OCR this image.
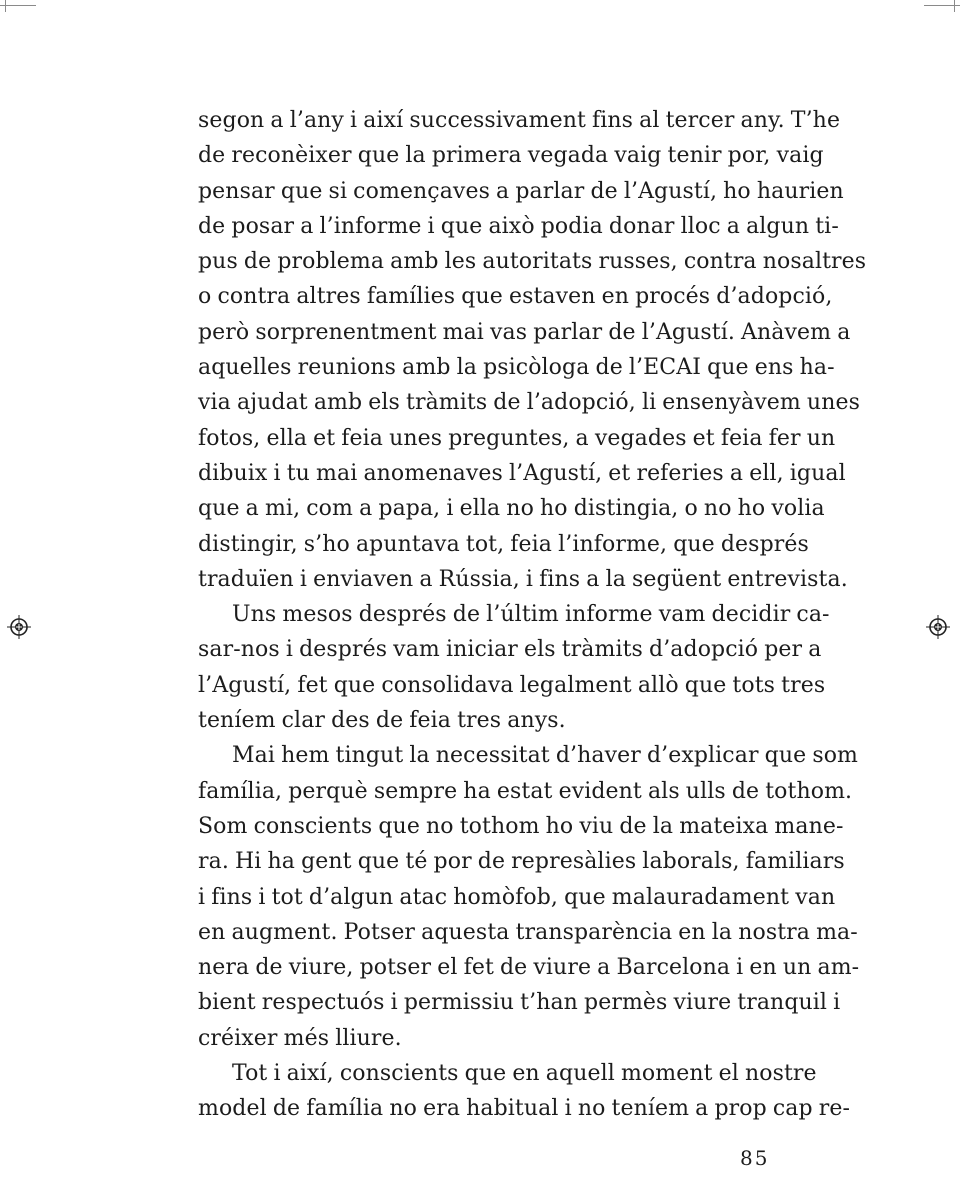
segon a l’any i així successivament fins al tercer any. T’he
de reconèixer que la primera vegada vaig tenir por, vaig
pensar que si començaves a parlar de l’Agustí, ho haurien
de posar a l’informe i que això podia donar lloc a algun ti-
pus de problema amb les autoritats russes, contra nosaltres
o contra altres famílies que estaven en procés d’adopció,
però sorprenentment mai vas parlar de l’Agustí. Anàvem a
aquelles reunions amb la psicòloga de l’ECAI que ens ha-
via ajudat amb els tràmits de l’adopció, li ensenyàvem unes
fotos, ella et feia unes preguntes, a vegades et feia fer un
dibuix i tu mai anomenaves l’Agustí, et referies a ell, igual
que a mi, com a papa, i ella no ho distingia, o no ho volia
distingir, s’ho apuntava tot, feia l’informe, que després
traduïen i enviaven a Rússia, i fins a la següent entrevista.
Uns mesos després de l’últim informe vam decidir ca-
sar-nos i després vam iniciar els tràmits d’adopció per a
l’Agustí, fet que consolidava legalment allò que tots tres
teníem clar des de feia tres anys.
Mai hem tingut la necessitat d’haver d’explicar que som
família, perquè sempre ha estat evident als ulls de tothom.
Som conscients que no tothom ho viu de la mateixa mane-
ra. Hi ha gent que té por de represàlies laborals, familiars
i fins i tot d’algun atac homòfob, que malauradament van
en augment. Potser aquesta transparència en la nostra ma-
nera de viure, potser el fet de viure a Barcelona i en un am-
bient respectuós i permissiu t’han permès viure tranquil i
créixer més lliure.
Tot i així, conscients que en aquell moment el nostre
model de família no era habitual i no teníem a prop cap re-
85
